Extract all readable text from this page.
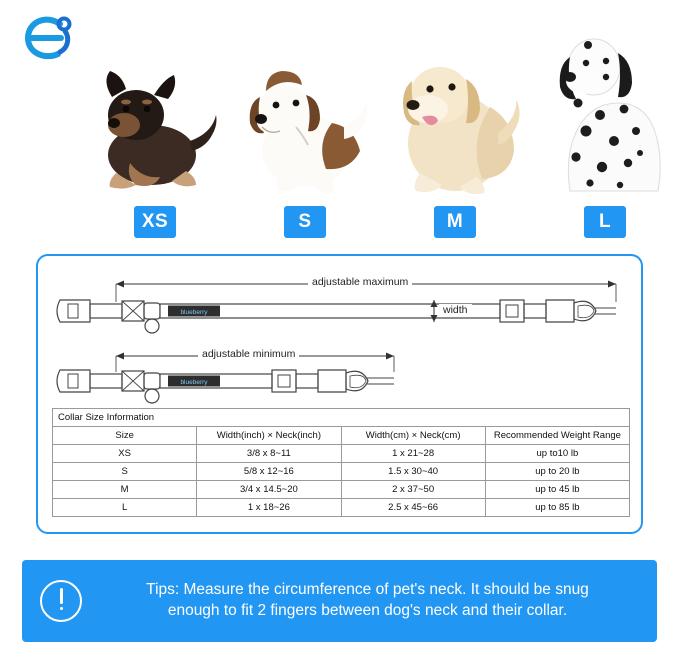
XS	S	M	L
blueberry
blueberry
adjustable maximum
adjustable minimum
width
Collar Size Information			
Size	Width(inch) × Neck(inch)	Width(cm) × Neck(cm)	Recommended Weight Range
XS	3/8 x 8~11	1 x 21~28	up to10 lb
S	5/8 x 12~16	1.5 x 30~40	up to 20 lb
M	3/4 x 14.5~20	2 x 37~50	up to 45 lb
L	1 x 18~26	2.5 x 45~66	up to 85 lb
Tips: Measure the circumference of pet's neck. It should be snug
enough to fit 2 fingers between dog's neck and their collar.
